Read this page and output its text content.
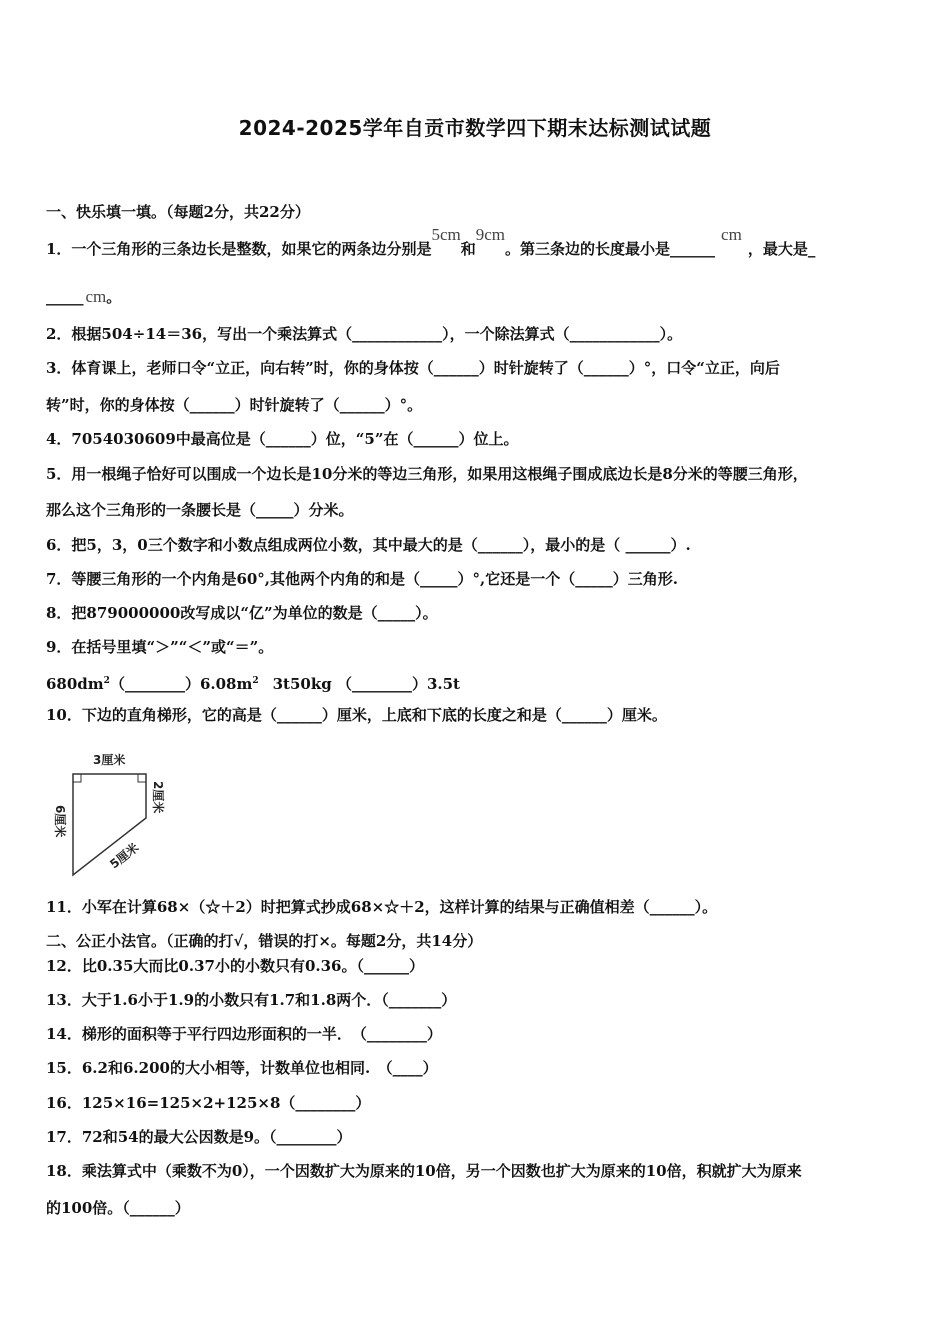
2024-2025学年自贡市数学四下期末达标测试试题
一、快乐填一填。（每题2分，共22分）
1．一个三角形的三条边长是整数，如果它的两条边分别是5cm和9cm。第三条边的长度最小是______cm，最大是_
_____ cm。
2．根据504÷14＝36，写出一个乘法算式（____________），一个除法算式（____________）。
3．体育课上，老师口令“立正，向右转”时，你的身体按（______）时针旋转了（______）°，口令“立正，向后
转”时，你的身体按（______）时针旋转了（______）°。
4．7054030609中最高位是（______）位，“5”在（______）位上。
5．用一根绳子恰好可以围成一个边长是10分米的等边三角形，如果用这根绳子围成底边长是8分米的等腰三角形，
那么这个三角形的一条腰长是（_____）分米。
6．把5，3，0三个数字和小数点组成两位小数，其中最大的是（______），最小的是（ ______）.
7．等腰三角形的一个内角是60°,其他两个内角的和是（_____）°,它还是一个（_____）三角形.
8．把879000000改写成以“亿”为单位的数是（_____）。
9．在括号里填“＞”“＜”或“＝”。
$680dm^2(\_\_\_\_\_\_\_\_)6.08m^2$ 3t50kg （________）3.5t
10．下边的直角梯形，它的高是（______）厘米，上底和下底的长度之和是（______）厘米。
3厘米
6厘米
2厘米
5厘米
11．小军在计算68×（☆＋2）时把算式抄成68×☆＋2，这样计算的结果与正确值相差（______）。
二、公正小法官。（正确的打√，错误的打×。每题2分，共14分）
12．比0.35大而比0.37小的小数只有0.36。（______）
13．大于1.6小于1.9的小数只有1.7和1.8两个．（_______）
14．梯形的面积等于平行四边形面积的一半．　（________）
15．6.2和6.200的大小相等，计数单位也相同.　（____）
16．125×16=125×2+125×8（________）
17．72和54的最大公因数是9。（________）
18．乘法算式中（乘数不为0），一个因数扩大为原来的10倍，另一个因数也扩大为原来的10倍，积就扩大为原来
的100倍。（______）
